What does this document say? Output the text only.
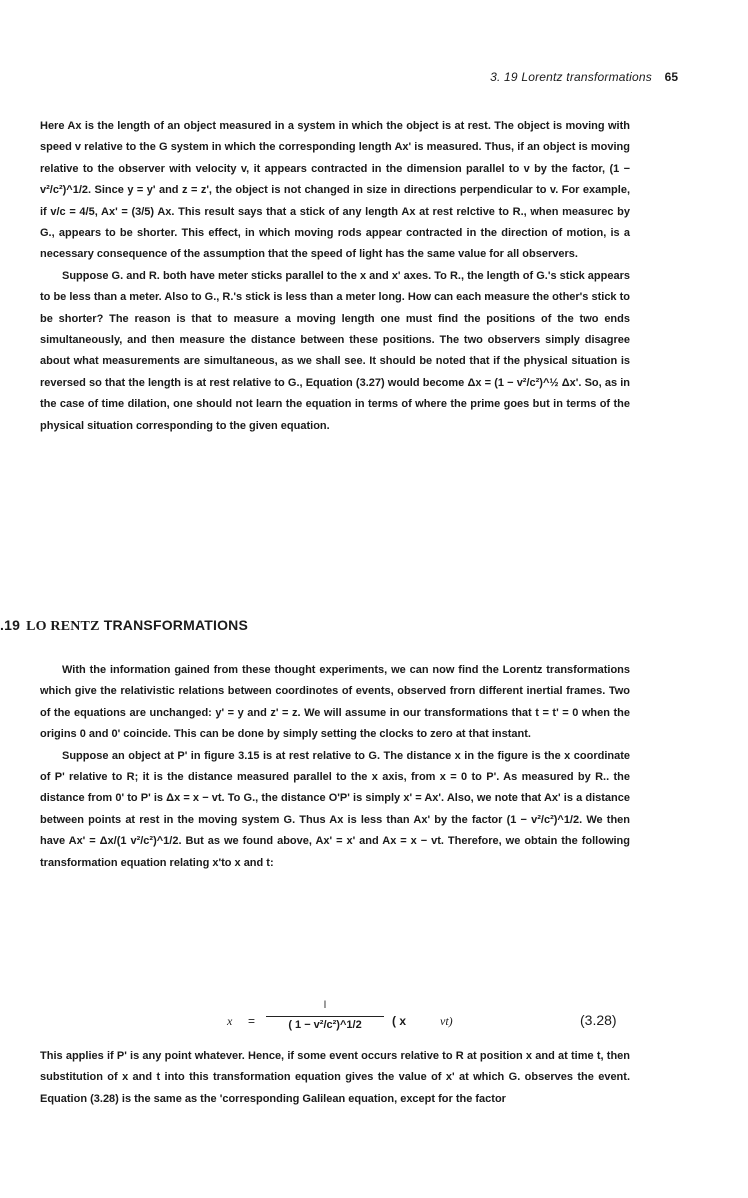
3. 19 Lorentz transformations 65

Here Ax is the length of an object measured in a system in which the object is at rest. The object is moving with speed v relative to the G system in which the corresponding length Ax' is measured. Thus, if an object is moving relative to the observer with velocity v, it appears contracted in the dimension parallel to v by the factor, (1 − v²/c²)^1/2. Since y = y' and z = z', the object is not changed in size in directions perpendicular to v. For example, if v/c = 4/5, Ax' = (3/5) Ax. This result says that a stick of any length Ax at rest relctive to R., when measurec by G., appears to be shorter. This effect, in which moving rods appear contracted in the direction of motion, is a necessary consequence of the assumption that the speed of light has the same value for all observers.

Suppose G. and R. both have meter sticks parallel to the x and x' axes. To R., the length of G.'s stick appears to be less than a meter. Also to G., R.'s stick is less than a meter long. How can each measure the other's stick to be shorter? The reason is that to measure a moving length one must find the positions of the two ends simultaneously, and then measure the distance between these positions. The two observers simply disagree about what measurements are simultaneous, as we shall see. It should be noted that if the physical situation is reversed so that the length is at rest relative to G., Equation (3.27) would become Δx = (1 − v²/c²)^½ Δx'. So, as in the case of time dilation, one should not learn the equation in terms of where the prime goes but in terms of the physical situation corresponding to the given equation.

.19 LO RENTZ TRANSFORMATIONS

With the information gained from these thought experiments, we can now find the Lorentz transformations which give the relativistic relations between coordinotes of events, observed frorn different inertial frames. Two of the equations are unchanged: y' = y and z' = z. We will assume in our transformations that t = t' = 0 when the origins 0 and 0' coincide. This can be done by simply setting the clocks to zero at that instant.

Suppose an object at P' in figure 3.15 is at rest relative to G. The distance x in the figure is the x coordinate of P' relative to R; it is the distance measured parallel to the x axis, from x = 0 to P'. As measured by R.. the distance from 0' to P' is Δx = x − vt. To G., the distance O'P' is simply x' = Ax'. Also, we note that Ax' is a distance between points at rest in the moving system G. Thus Ax is less than Ax' by the factor (1 − v²/c²)^1/2. We then have Ax' = Δx/(1 v²/c²)^1/2. But as we found above, Ax' = x' and Ax = x − vt. Therefore, we obtain the following transformation equation relating x'to x and t:

x =
l
( 1 − v²/c²)^1/2	( x	vt)	(3.28)

This applies if P' is any point whatever. Hence, if some event occurs relative to R at position x and at time t, then substitution of x and t into this transformation equation gives the value of x' at which G. observes the event. Equation (3.28) is the same as the 'corresponding Galilean equation, except for the factor
